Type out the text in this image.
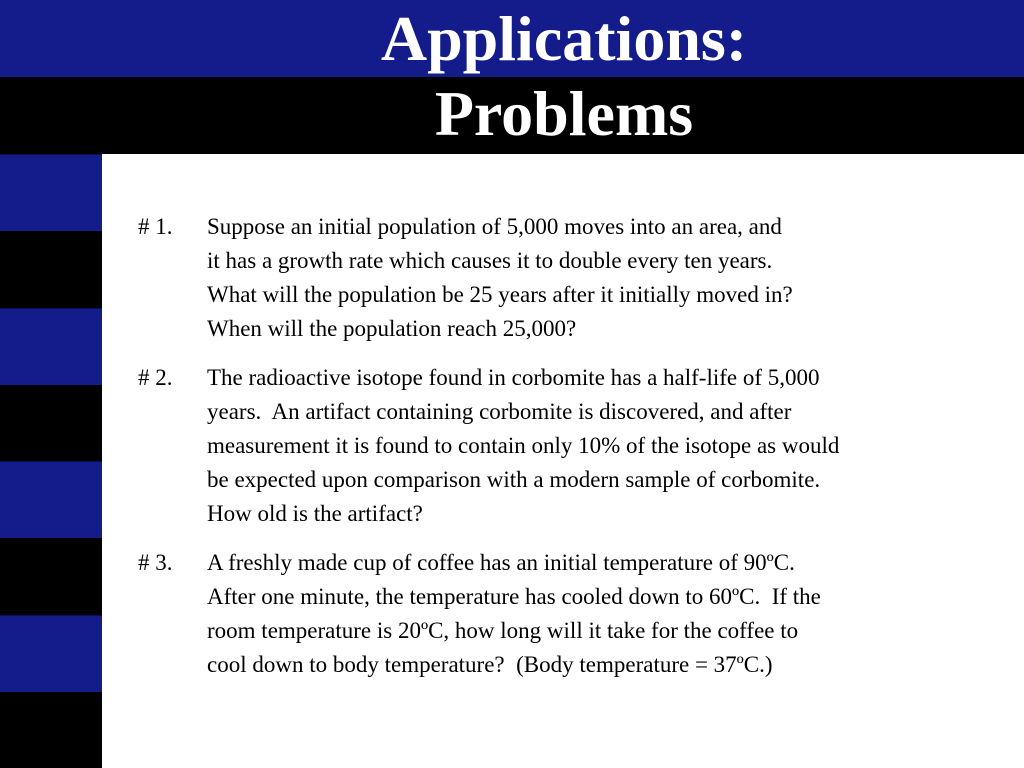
Applications:
Problems
# 1.	Suppose an initial population of 5,000 moves into an area, and
it has a growth rate which causes it to double every ten years.
What will the population be 25 years after it initially moved in?
When will the population reach 25,000?
# 2.	The radioactive isotope found in corbomite has a half-life of 5,000
years.  An artifact containing corbomite is discovered, and after
measurement it is found to contain only 10% of the isotope as would
be expected upon comparison with a modern sample of corbomite.
How old is the artifact?
# 3.	A freshly made cup of coffee has an initial temperature of 90ºC.
After one minute, the temperature has cooled down to 60ºC.  If the
room temperature is 20ºC, how long will it take for the coffee to
cool down to body temperature?  (Body temperature = 37ºC.)
